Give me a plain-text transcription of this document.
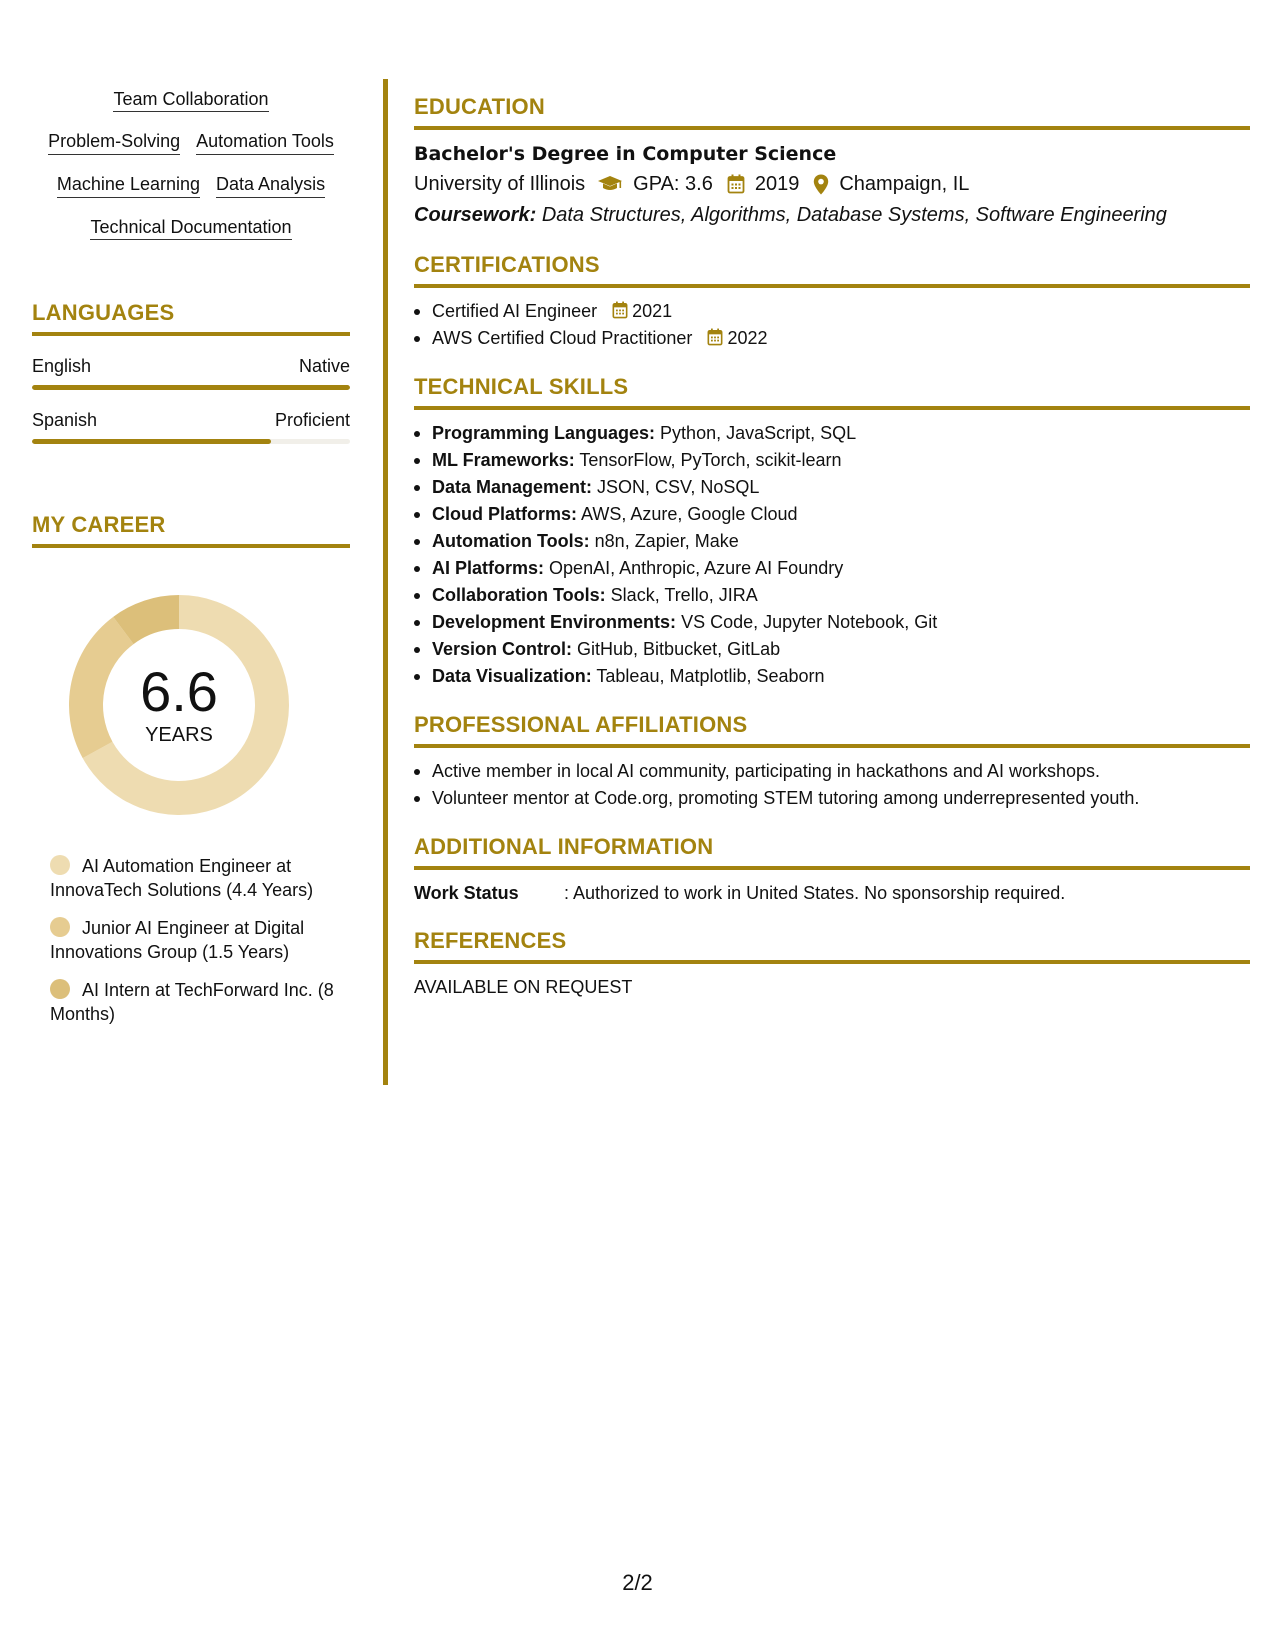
Team Collaboration
Problem-Solving Automation Tools
Machine Learning Data Analysis
Technical Documentation
LANGUAGES
English	Native
Spanish	Proficient
MY CAREER
6.6
YEARS
AI Automation Engineer at InnovaTech Solutions (4.4 Years)
Junior AI Engineer at Digital Innovations Group (1.5 Years)
AI Intern at TechForward Inc. (8 Months)
EDUCATION
Bachelor's Degree in Computer Science
University of Illinois GPA: 3.6 2019 Champaign, IL
Coursework: Data Structures, Algorithms, Database Systems, Software Engineering
CERTIFICATIONS
Certified AI Engineer 2021
AWS Certified Cloud Practitioner 2022
TECHNICAL SKILLS
Programming Languages: Python, JavaScript, SQL
ML Frameworks: TensorFlow, PyTorch, scikit-learn
Data Management: JSON, CSV, NoSQL
Cloud Platforms: AWS, Azure, Google Cloud
Automation Tools: n8n, Zapier, Make
AI Platforms: OpenAI, Anthropic, Azure AI Foundry
Collaboration Tools: Slack, Trello, JIRA
Development Environments: VS Code, Jupyter Notebook, Git
Version Control: GitHub, Bitbucket, GitLab
Data Visualization: Tableau, Matplotlib, Seaborn
PROFESSIONAL AFFILIATIONS
Active member in local AI community, participating in hackathons and AI workshops.
Volunteer mentor at Code.org, promoting STEM tutoring among underrepresented youth.
ADDITIONAL INFORMATION
Work Status	: Authorized to work in United States. No sponsorship required.
REFERENCES
AVAILABLE ON REQUEST
2/2
